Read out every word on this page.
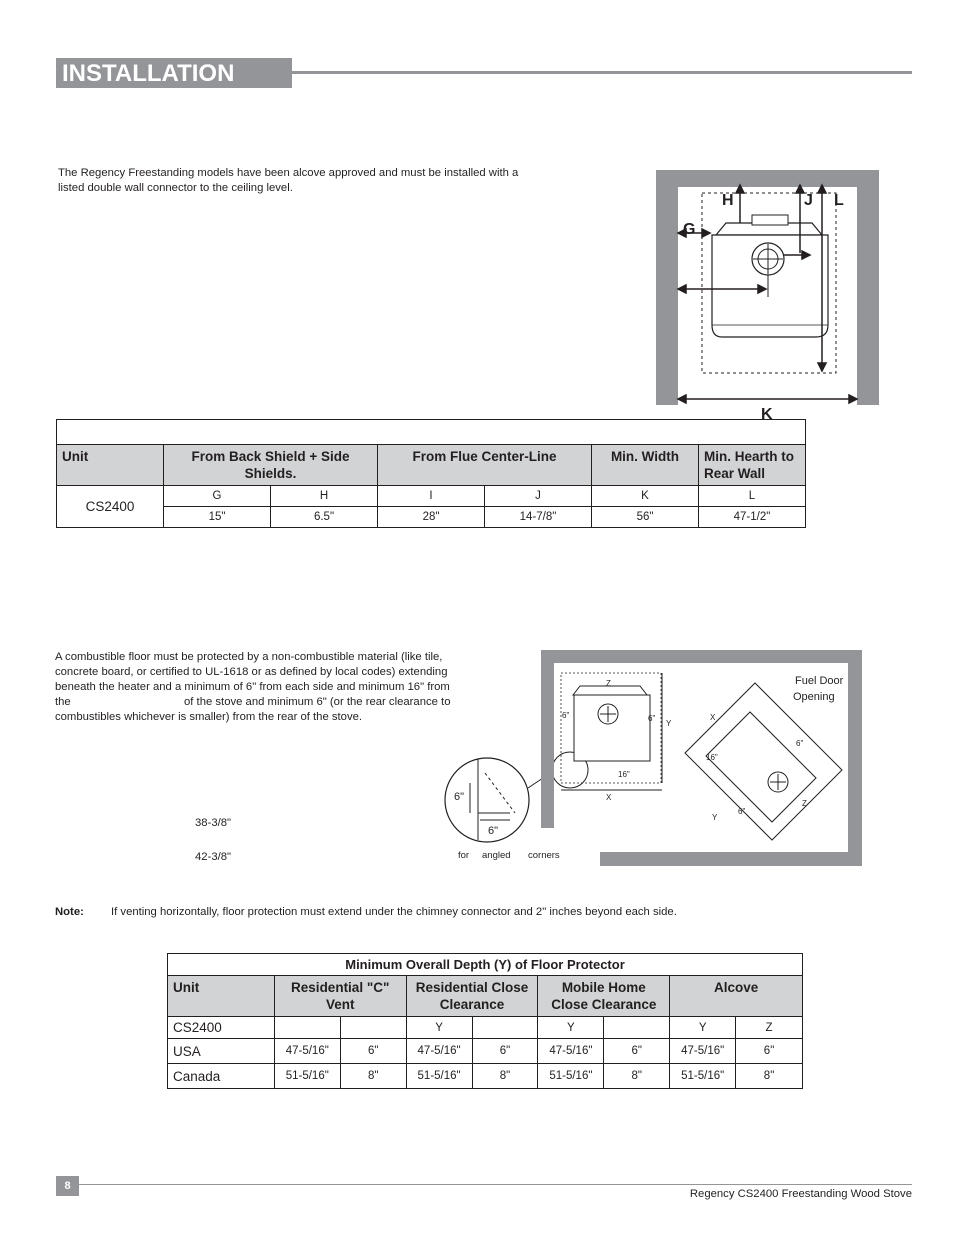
INSTALLATION
The Regency Freestanding models have been alcove approved and must be installed with a listed double wall connector to the ceiling level.
H	J L
G
K

Unit	From Back Shield + Side Shields.		From Flue Center-Line		Min. Width	Min. Hearth to Rear Wall
CS2400	G	H	I	J	K	L
	15"	6.5"	28"	14-7/8"	56"	47-1/2"
A combustible floor must be protected by a non-combustible material (like tile,
concrete board, or certified to UL-1618 or as defined by local codes) extending
beneath the heater and a minimum of 6" from each side and minimum 16" from
the	of the stove and minimum 6" (or the rear clearance to
combustibles whichever is smaller) from the rear of the stove.
38-3/8"
42-3/8"
6"
6"
for angled corners
Z
6"	6"
Y
16"
X
X
16"
6"
6"
Y
Z
Fuel Door
Opening
Note: If venting horizontally, floor protection must extend under the chimney connector and 2" inches beyond each side.
Minimum Overall Depth (Y) of Floor Protector								
Unit	Residential "C" Vent		Residential Close Clearance		Mobile Home Close Clearance		Alcove	
CS2400			Y		Y		Y	Z
USA	47-5/16"	6"	47-5/16"	6"	47-5/16"	6"	47-5/16"	6"
Canada	51-5/16"	8"	51-5/16"	8"	51-5/16"	8"	51-5/16"	8"
8
Regency CS2400 Freestanding Wood Stove
